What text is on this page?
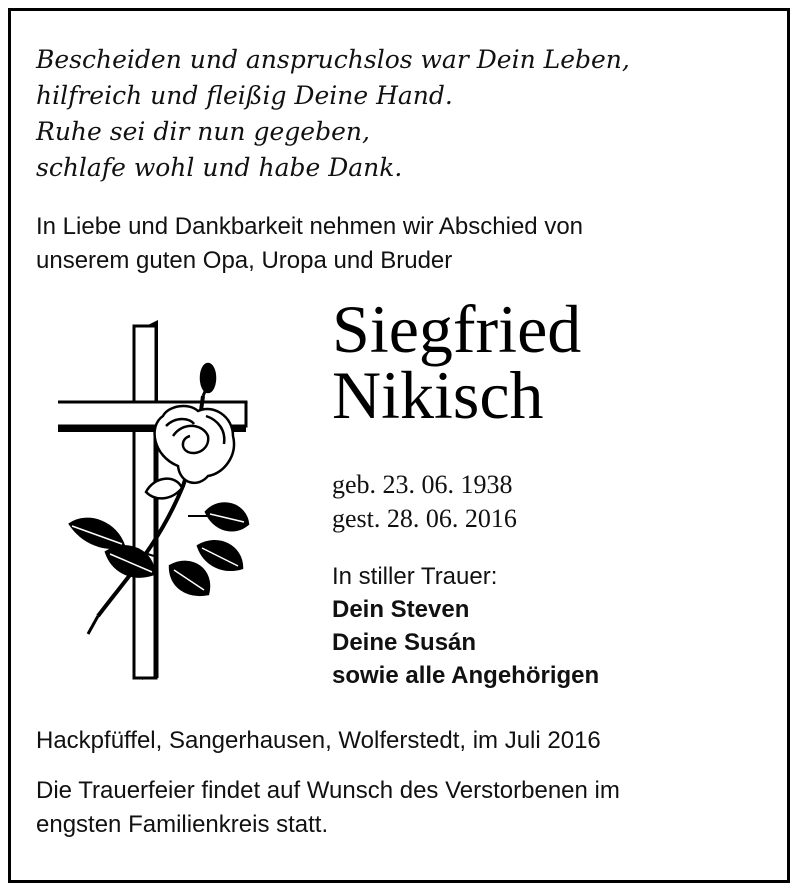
Bescheiden und anspruchslos war Dein Leben,
hilfreich und fleißig Deine Hand.
Ruhe sei dir nun gegeben,
schlafe wohl und habe Dank.
In Liebe und Dankbarkeit nehmen wir Abschied von
unserem guten Opa, Uropa und Bruder
Siegfried
Nikisch
geb. 23. 06. 1938
gest. 28. 06. 2016
In stiller Trauer:
Dein Steven
Deine Susán
sowie alle Angehörigen
Hackpfüffel, Sangerhausen, Wolferstedt, im Juli 2016
Die Trauerfeier findet auf Wunsch des Verstorbenen im
engsten Familienkreis statt.
